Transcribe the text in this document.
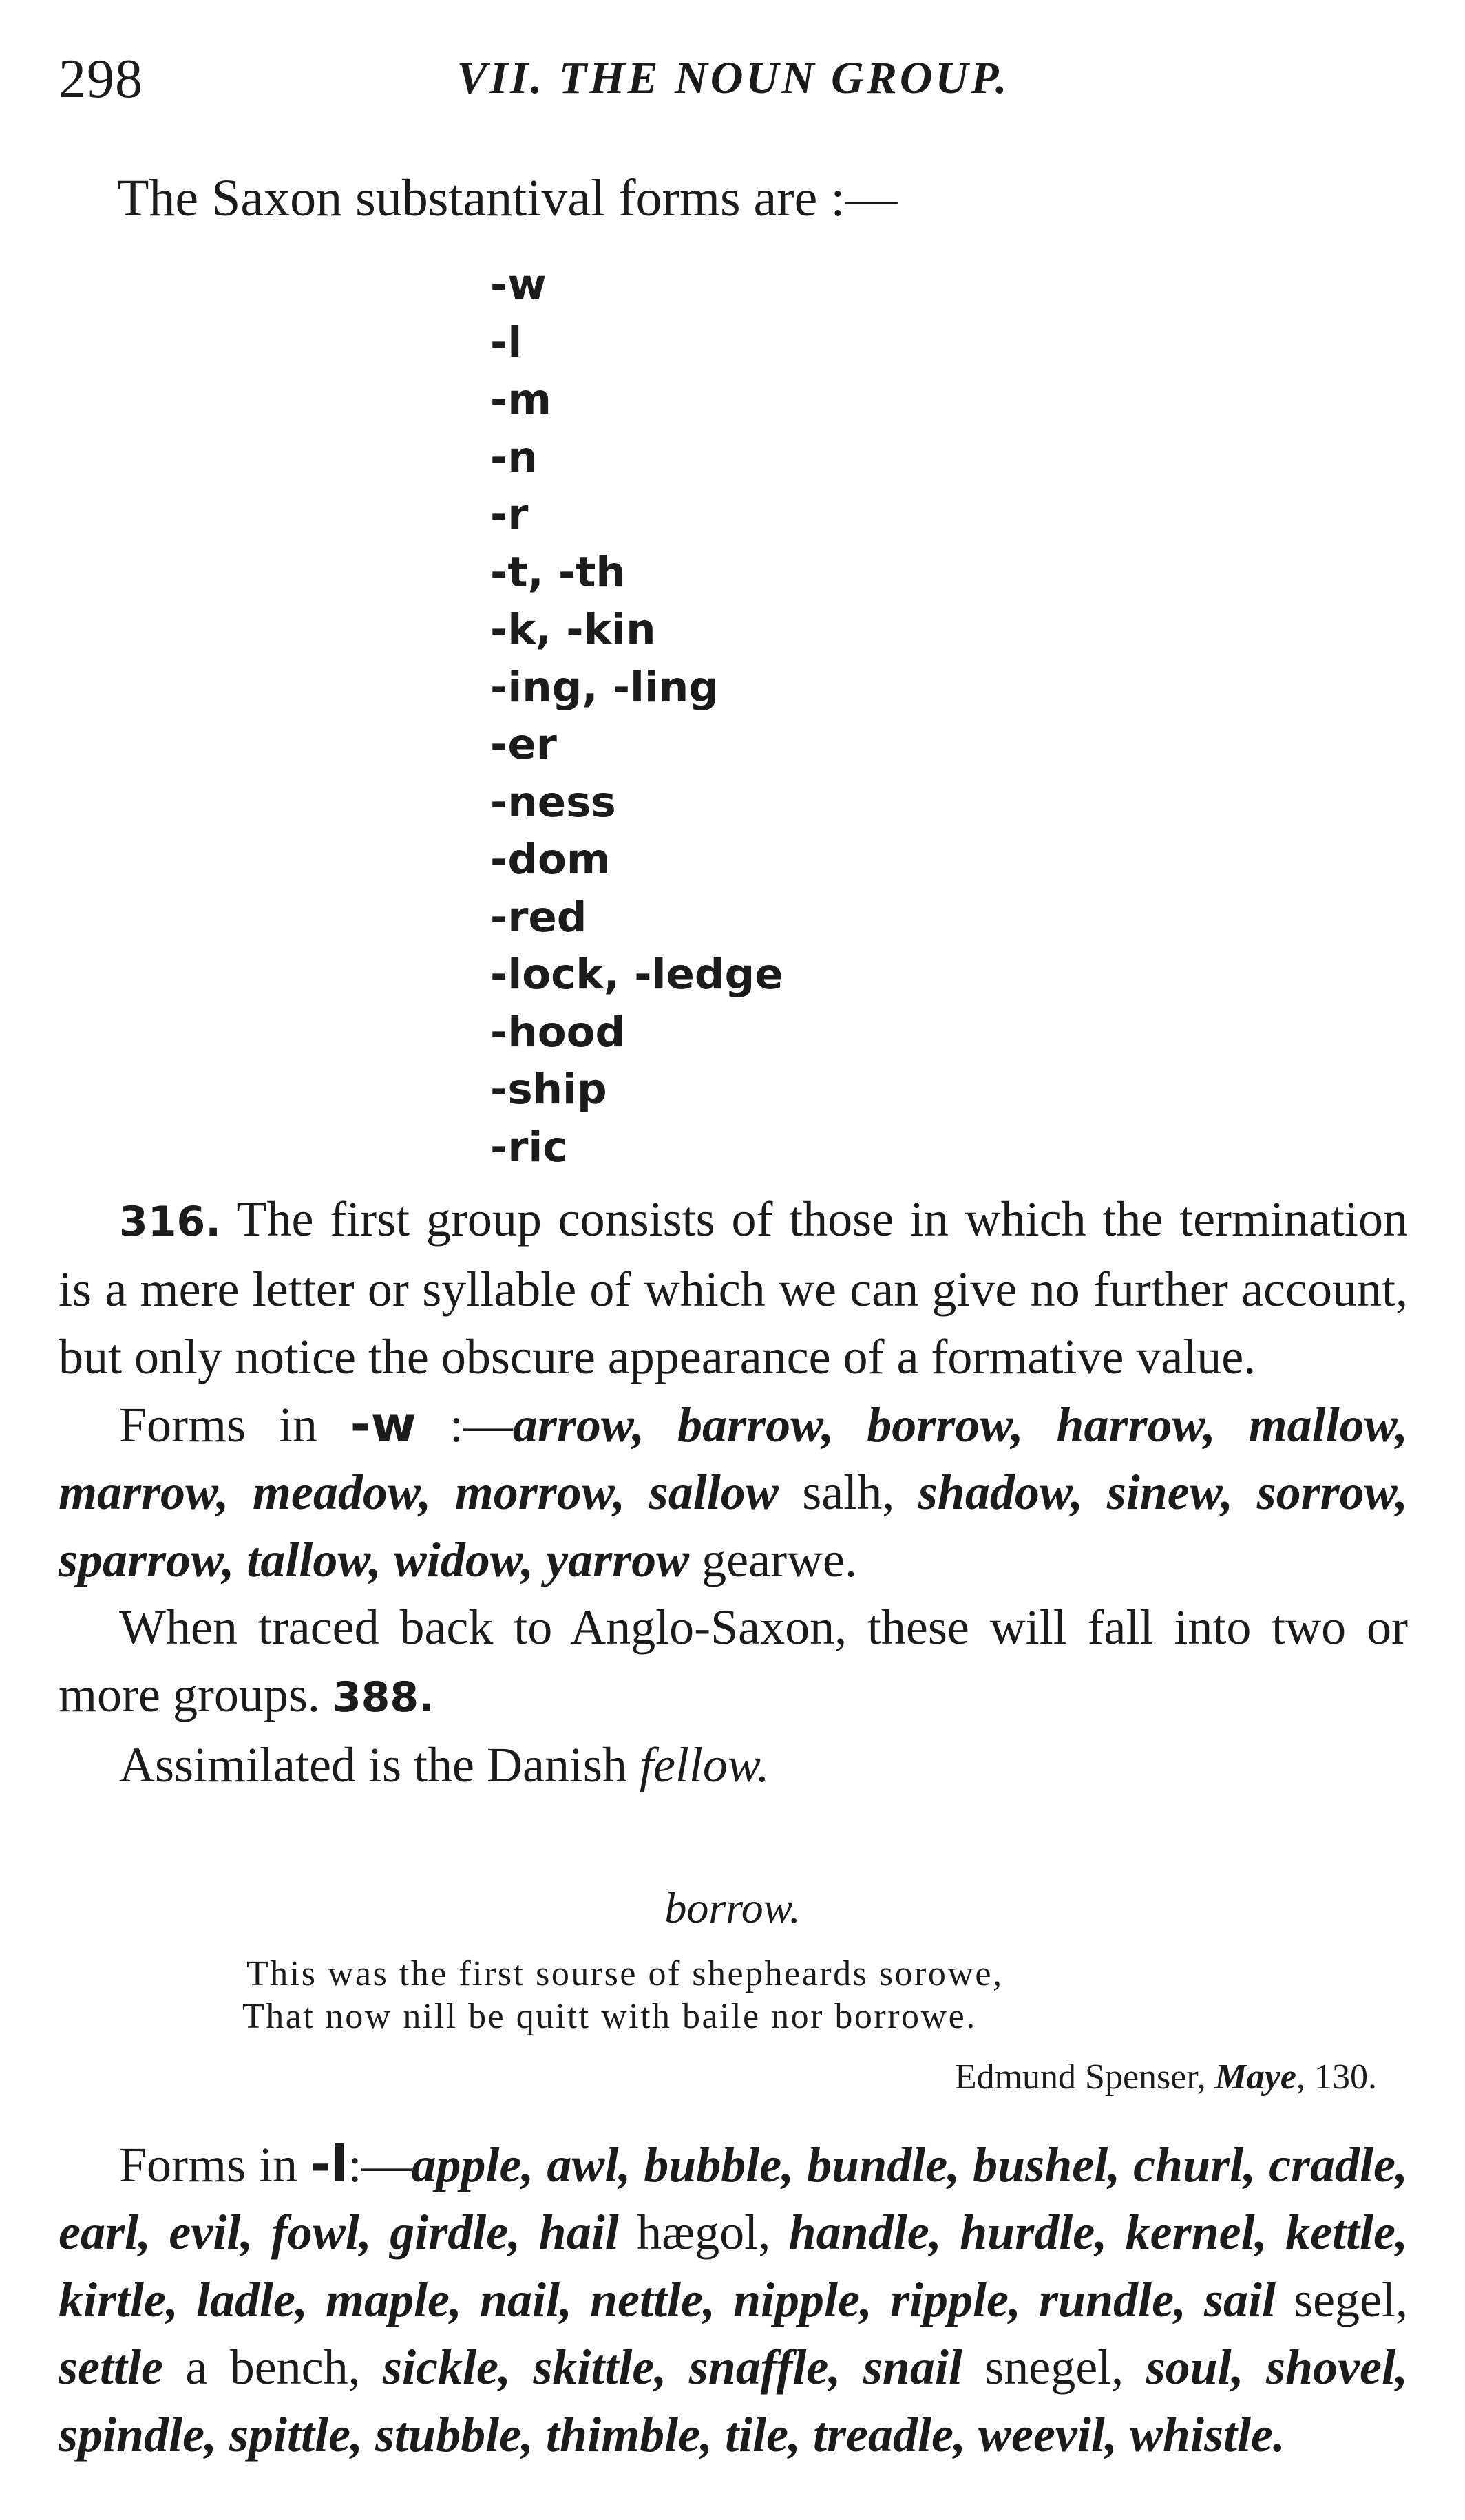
298	VII. THE NOUN GROUP.
The Saxon substantival forms are :—
-w
-l
-m
-n
-r
-t, -th
-k, -kin
-ing, -ling
-er
-ness
-dom
-red
-lock, -ledge
-hood
-ship
-ric

316. The first group consists of those in which the termination is a mere letter or syllable of which we can give no further account, but only notice the obscure appearance of a formative value.

Forms in -w :—arrow, barrow, borrow, harrow, mallow, marrow, meadow, morrow, sallow salh, shadow, sinew, sorrow, sparrow, tallow, widow, yarrow gearwe.

When traced back to Anglo-Saxon, these will fall into two or more groups. 388.

Assimilated is the Danish fellow.

borrow.
This was the first sourse of shepheards sorowe,
That now nill be quitt with baile nor borrowe.
Edmund Spenser, Maye, 130.

Forms in -l:—apple, awl, bubble, bundle, bushel, churl, cradle, earl, evil, fowl, girdle, hail hægol, handle, hurdle, kernel, kettle, kirtle, ladle, maple, nail, nettle, nipple, ripple, rundle, sail segel, settle a bench, sickle, skittle, snaffle, snail snegel, soul, shovel, spindle, spittle, stubble, thimble, tile, treadle, weevil, whistle.
